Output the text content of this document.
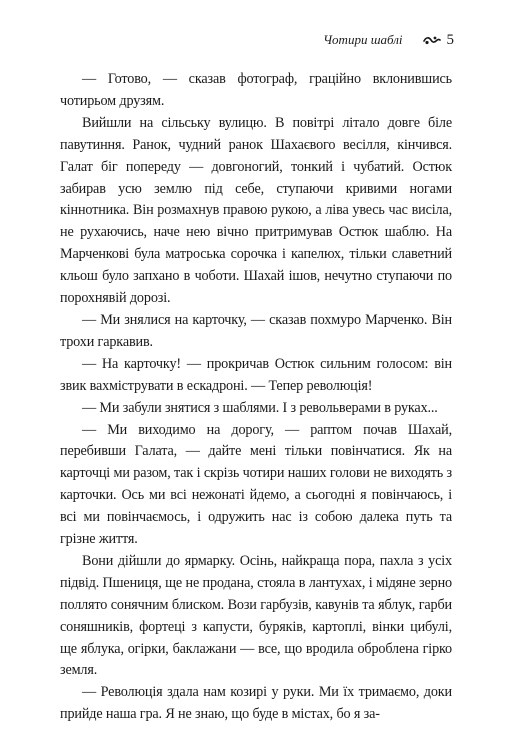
Чотири шаблі	5

— Готово, — сказав фотограф, граційно вклонившись чотирьом друзям.

Вийшли на сільську вулицю. В повітрі літало довге біле павутиння. Ранок, чудний ранок Шахаєвого весілля, кінчився. Галат біг попереду — довгоногий, тонкий і чубатий. Остюк забирав усю землю під себе, ступаючи кривими ногами кіннотника. Він розмахнув правою рукою, а ліва увесь час висіла, не рухаючись, наче нею вічно притримував Остюк шаблю. На Марченкові була матроська сорочка і капелюх, тільки славетний кльош було запхано в чоботи. Шахай ішов, нечутно ступаючи по порохнявій дорозі.

— Ми знялися на карточку, — сказав похмуро Марченко. Він трохи гаркавив.

— На карточку! — прокричав Остюк сильним голосом: він звик вахміструвати в ескадроні. — Тепер революція!

— Ми забули знятися з шаблями. І з револьверами в руках...

— Ми виходимо на дорогу, — раптом почав Шахай, перебивши Галата, — дайте мені тільки повінчатися. Як на карточці ми разом, так і скрізь чотири наших голови не виходять з карточки. Ось ми всі нежонаті йдемо, а сьогодні я повінчаюсь, і всі ми повінчаємось, і одружить нас із собою далека путь та грізне життя.

Вони дійшли до ярмарку. Осінь, найкраща пора, пахла з усіх підвід. Пшениця, ще не продана, стояла в лантухах, і мідяне зерно поллято сонячним блиском. Вози гарбузів, кавунів та яблук, гарби соняшників, фортеці з капусти, буряків, картоплі, вінки цибулі, ще яблука, огірки, баклажани — все, що вродила оброблена гірко земля.

— Революція здала нам козирі у руки. Ми їх тримаємо, доки прийде наша гра. Я не знаю, що буде в містах, бо я за-
